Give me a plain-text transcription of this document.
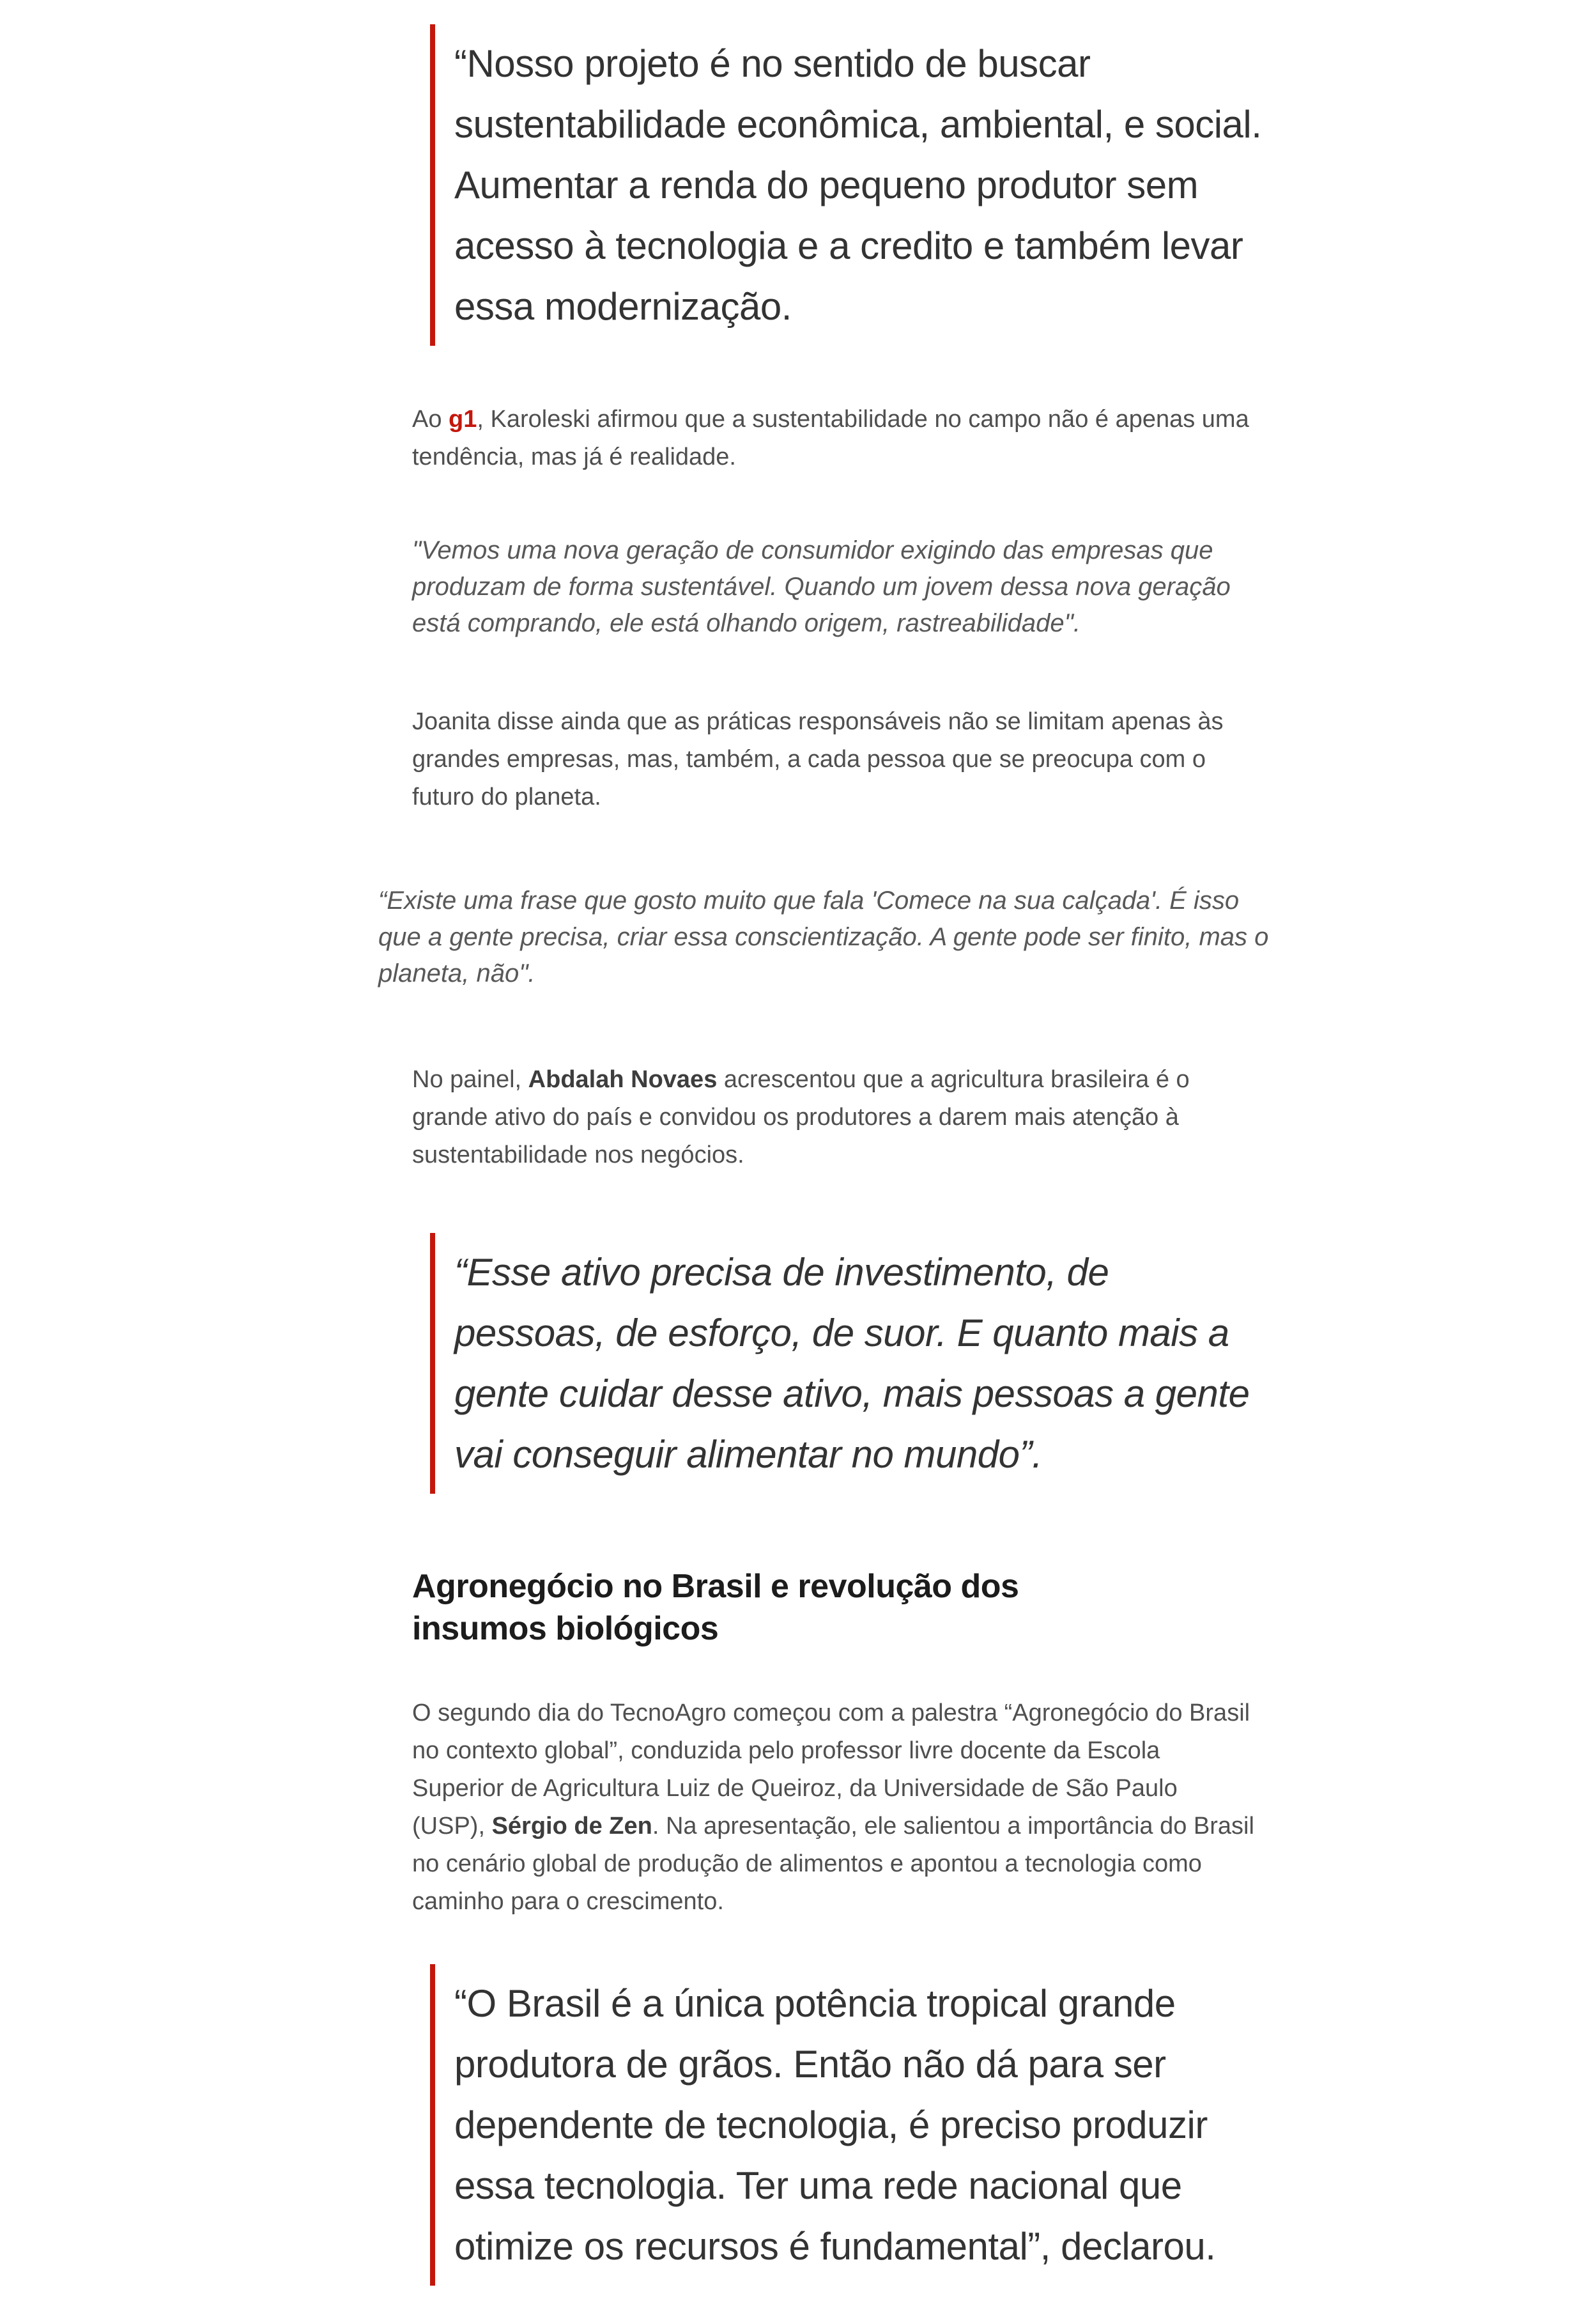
“Nosso projeto é no sentido de buscar sustentabilidade econômica, ambiental, e social. Aumentar a renda do pequeno produtor sem acesso à tecnologia e a credito e também levar essa modernização.

Ao g1, Karoleski afirmou que a sustentabilidade no campo não é apenas uma tendência, mas já é realidade.

"Vemos uma nova geração de consumidor exigindo das empresas que produzam de forma sustentável. Quando um jovem dessa nova geração está comprando, ele está olhando origem, rastreabilidade".

Joanita disse ainda que as práticas responsáveis não se limitam apenas às grandes empresas, mas, também, a cada pessoa que se preocupa com o futuro do planeta.

“Existe uma frase que gosto muito que fala 'Comece na sua calçada'. É isso que a gente precisa, criar essa conscientização. A gente pode ser finito, mas o planeta, não".

No painel, Abdalah Novaes acrescentou que a agricultura brasileira é o grande ativo do país e convidou os produtores a darem mais atenção à sustentabilidade nos negócios.

“Esse ativo precisa de investimento, de pessoas, de esforço, de suor. E quanto mais a gente cuidar desse ativo, mais pessoas a gente vai conseguir alimentar no mundo”.
Agronegócio no Brasil e revolução dos insumos biológicos

O segundo dia do TecnoAgro começou com a palestra “Agronegócio do Brasil no contexto global”, conduzida pelo professor livre docente da Escola Superior de Agricultura Luiz de Queiroz, da Universidade de São Paulo (USP), Sérgio de Zen. Na apresentação, ele salientou a importância do Brasil no cenário global de produção de alimentos e apontou a tecnologia como caminho para o crescimento.

“O Brasil é a única potência tropical grande produtora de grãos. Então não dá para ser dependente de tecnologia, é preciso produzir essa tecnologia. Ter uma rede nacional que otimize os recursos é fundamental”, declarou.
